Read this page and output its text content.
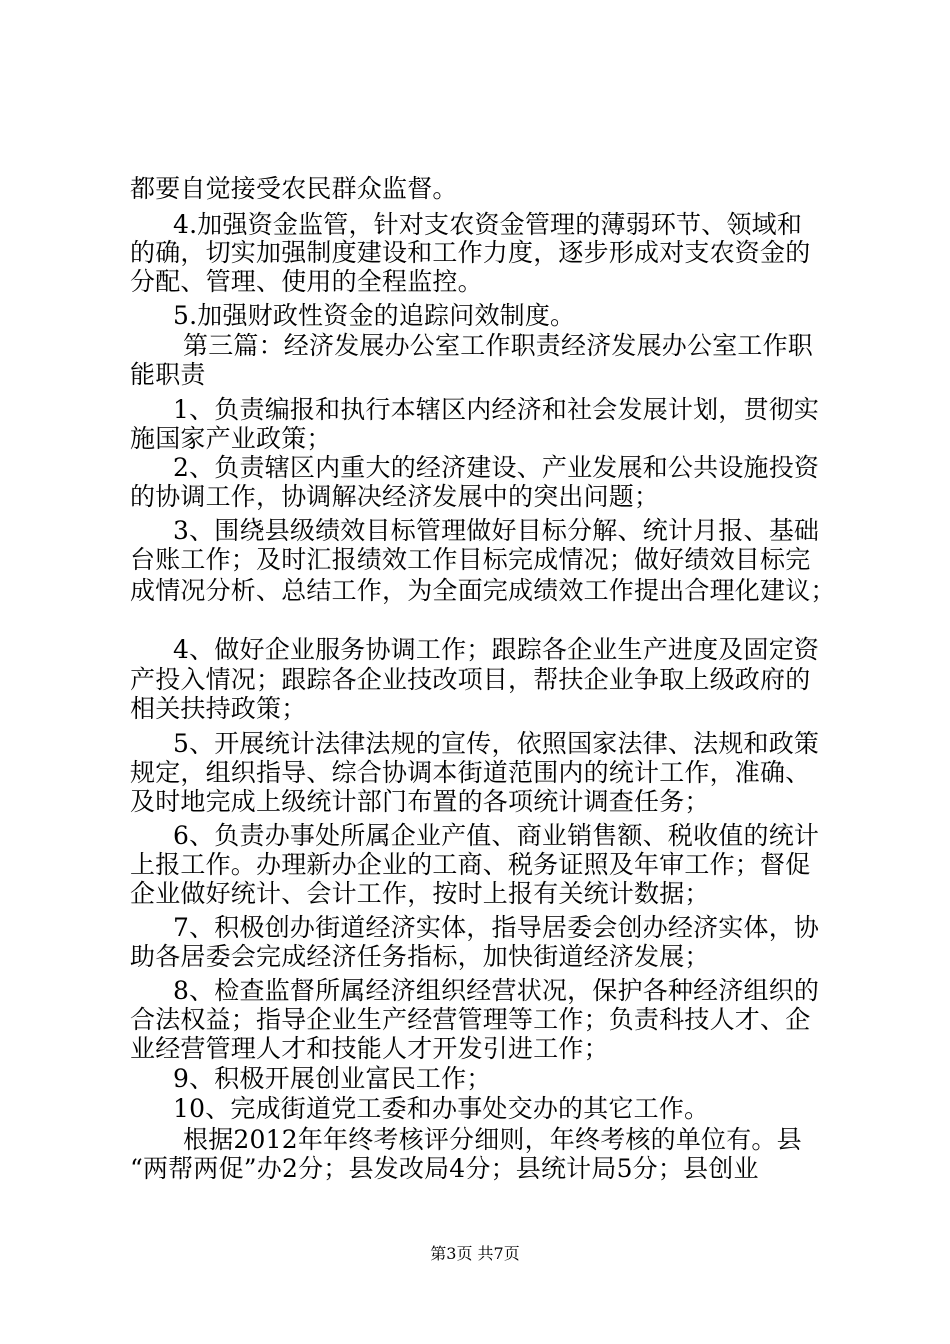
都要自觉接受农民群众监督。
4.加强资金监管，针对支农资金管理的薄弱环节、领域和
的确，切实加强制度建设和工作力度，逐步形成对支农资金的
分配、管理、使用的全程监控。
5.加强财政性资金的追踪问效制度。
第三篇：经济发展办公室工作职责经济发展办公室工作职
能职责
1、负责编报和执行本辖区内经济和社会发展计划，贯彻实
施国家产业政策；
2、负责辖区内重大的经济建设、产业发展和公共设施投资
的协调工作，协调解决经济发展中的突出问题；
3、围绕县级绩效目标管理做好目标分解、统计月报、基础
台账工作；及时汇报绩效工作目标完成情况；做好绩效目标完
成情况分析、总结工作，为全面完成绩效工作提出合理化建议；
4、做好企业服务协调工作；跟踪各企业生产进度及固定资
产投入情况；跟踪各企业技改项目，帮扶企业争取上级政府的
相关扶持政策；
5、开展统计法律法规的宣传，依照国家法律、法规和政策
规定，组织指导、综合协调本街道范围内的统计工作，准确、
及时地完成上级统计部门布置的各项统计调查任务；
6、负责办事处所属企业产值、商业销售额、税收值的统计
上报工作。办理新办企业的工商、税务证照及年审工作；督促
企业做好统计、会计工作，按时上报有关统计数据；
7、积极创办街道经济实体，指导居委会创办经济实体，协
助各居委会完成经济任务指标，加快街道经济发展；
8、检查监督所属经济组织经营状况，保护各种经济组织的
合法权益；指导企业生产经营管理等工作；负责科技人才、企
业经营管理人才和技能人才开发引进工作；
9、积极开展创业富民工作；
10、完成街道党工委和办事处交办的其它工作。
根据2012年年终考核评分细则，年终考核的单位有。县
“两帮两促”办2分；县发改局4分；县统计局5分；县创业
第3页 共7页
